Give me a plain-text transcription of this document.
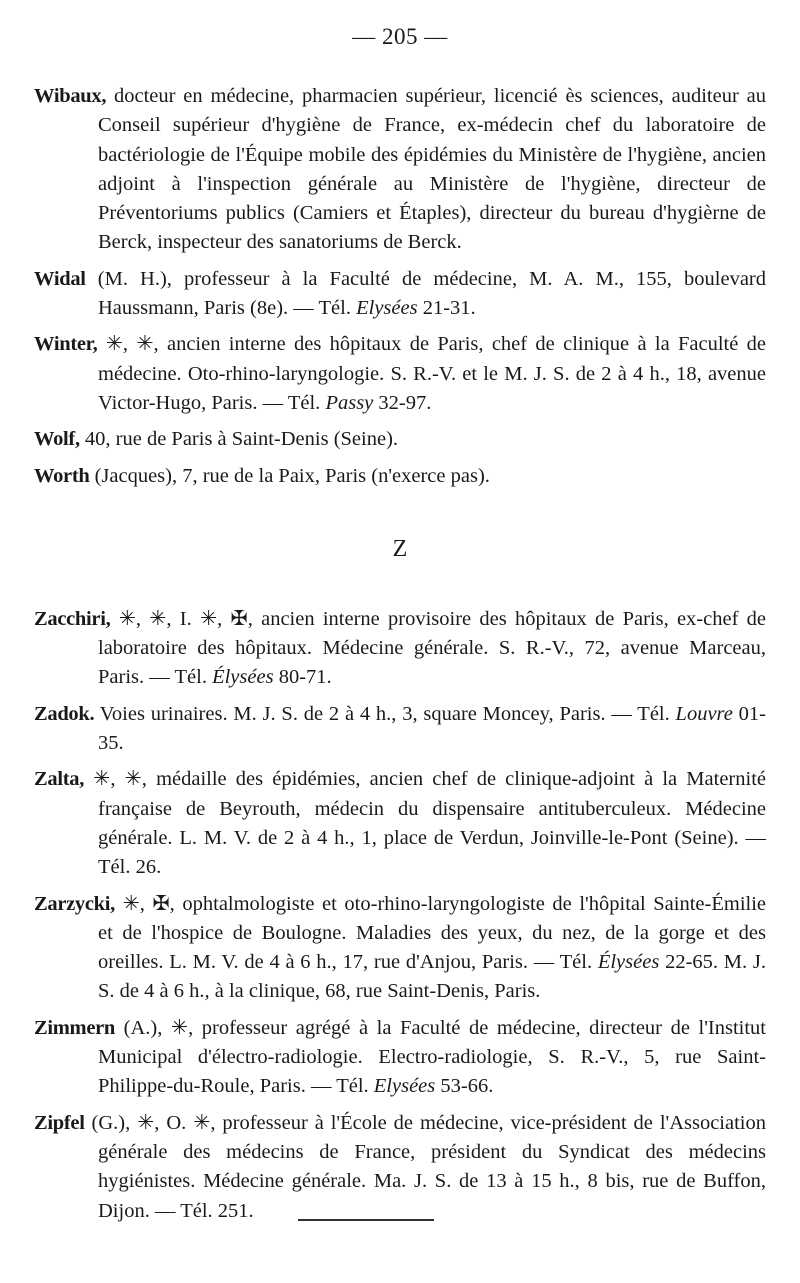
— 205 —

Wibaux, docteur en médecine, pharmacien supérieur, licencié ès sciences, auditeur au Conseil supérieur d'hygiène de France, ex-médecin chef du laboratoire de bactériologie de l'Équipe mobile des épidémies du Ministère de l'hygiène, ancien adjoint à l'inspection générale au Ministère de l'hygiène, directeur de Préventoriums publics (Camiers et Étaples), directeur du bureau d'hygièrne de Berck, inspecteur des sanatoriums de Berck.

Widal (M. H.), professeur à la Faculté de médecine, M. A. M., 155, boulevard Haussmann, Paris (8e). — Tél. Elysées 21-31.

Winter, ✳, ✳, ancien interne des hôpitaux de Paris, chef de clinique à la Faculté de médecine. Oto-rhino-laryngologie. S. R.-V. et le M. J. S. de 2 à 4 h., 18, avenue Victor-Hugo, Paris. — Tél. Passy 32-97.

Wolf, 40, rue de Paris à Saint-Denis (Seine).

Worth (Jacques), 7, rue de la Paix, Paris (n'exerce pas).

Z

Zacchiri, ✳, ✳, I. ✳, ✠, ancien interne provisoire des hôpitaux de Paris, ex-chef de laboratoire des hôpitaux. Médecine générale. S. R.-V., 72, avenue Marceau, Paris. — Tél. Élysées 80-71.

Zadok. Voies urinaires. M. J. S. de 2 à 4 h., 3, square Moncey, Paris. — Tél. Louvre 01-35.

Zalta, ✳, ✳, médaille des épidémies, ancien chef de clinique-adjoint à la Maternité française de Beyrouth, médecin du dispensaire antituberculeux. Médecine générale. L. M. V. de 2 à 4 h., 1, place de Verdun, Joinville-le-Pont (Seine). — Tél. 26.

Zarzycki, ✳, ✠, ophtalmologiste et oto-rhino-laryngologiste de l'hôpital Sainte-Émilie et de l'hospice de Boulogne. Maladies des yeux, du nez, de la gorge et des oreilles. L. M. V. de 4 à 6 h., 17, rue d'Anjou, Paris. — Tél. Élysées 22-65. M. J. S. de 4 à 6 h., à la clinique, 68, rue Saint-Denis, Paris.

Zimmern (A.), ✳, professeur agrégé à la Faculté de médecine, directeur de l'Institut Municipal d'électro-radiologie. Electro-radiologie, S. R.-V., 5, rue Saint-Philippe-du-Roule, Paris. — Tél. Elysées 53-66.

Zipfel (G.), ✳, O. ✳, professeur à l'École de médecine, vice-président de l'Association générale des médecins de France, président du Syndicat des médecins hygiénistes. Médecine générale. Ma. J. S. de 13 à 15 h., 8 bis, rue de Buffon, Dijon. — Tél. 251.
